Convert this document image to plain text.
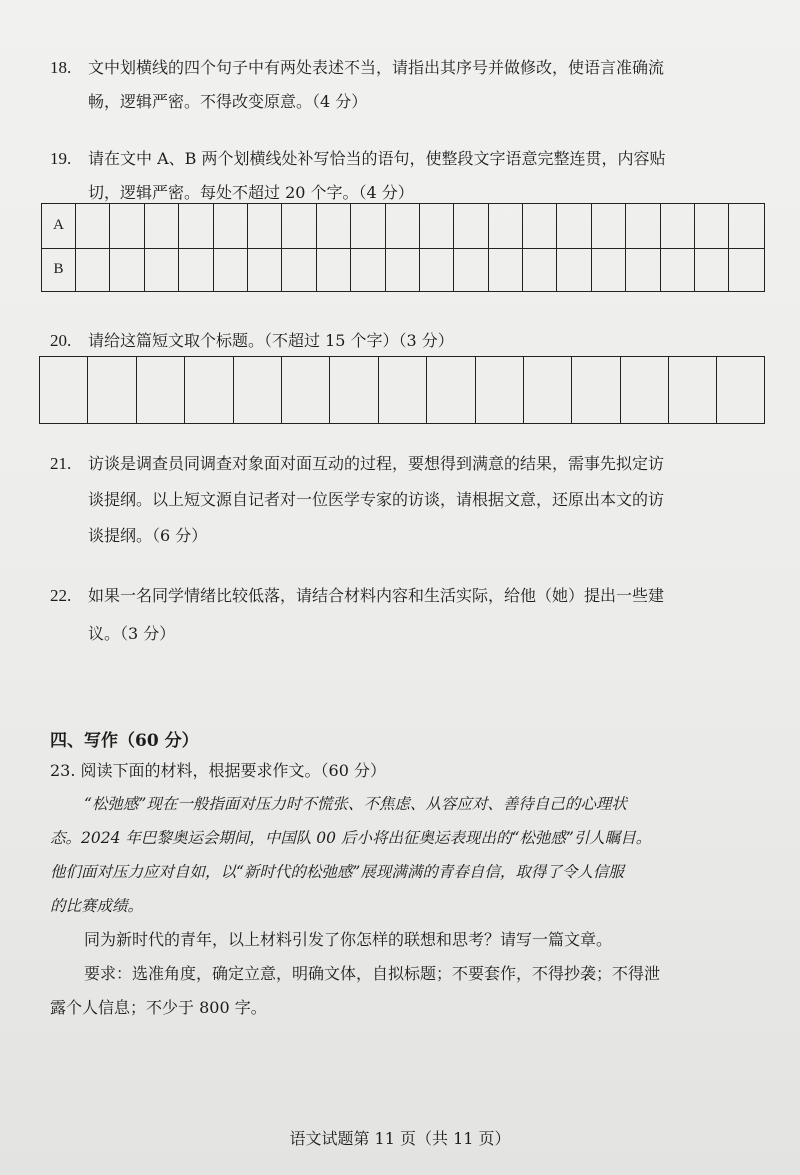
18. 文中划横线的四个句子中有两处表述不当，请指出其序号并做修改，使语言准确流
畅，逻辑严密。不得改变原意。（4 分）
19. 请在文中 A、B 两个划横线处补写恰当的语句，使整段文字语意完整连贯，内容贴
切，逻辑严密。每处不超过 20 个字。（4 分）
A
B
20. 请给这篇短文取个标题。（不超过 15 个字）（3 分）
21. 访谈是调查员同调查对象面对面互动的过程，要想得到满意的结果，需事先拟定访
谈提纲。以上短文源自记者对一位医学专家的访谈，请根据文意，还原出本文的访
谈提纲。（6 分）
22. 如果一名同学情绪比较低落，请结合材料内容和生活实际，给他（她）提出一些建
议。（3 分）
四、写作（60 分）
23. 阅读下面的材料，根据要求作文。（60 分）
“松弛感”现在一般指面对压力时不慌张、不焦虑、从容应对、善待自己的心理状
态。2024 年巴黎奥运会期间，中国队 00 后小将出征奥运表现出的“松弛感”引人瞩目。
他们面对压力应对自如，以“新时代的松弛感”展现满满的青春自信，取得了令人信服
的比赛成绩。
同为新时代的青年，以上材料引发了你怎样的联想和思考？请写一篇文章。
要求：选准角度，确定立意，明确文体，自拟标题；不要套作，不得抄袭；不得泄
露个人信息；不少于 800 字。
语文试题第 11 页（共 11 页）
